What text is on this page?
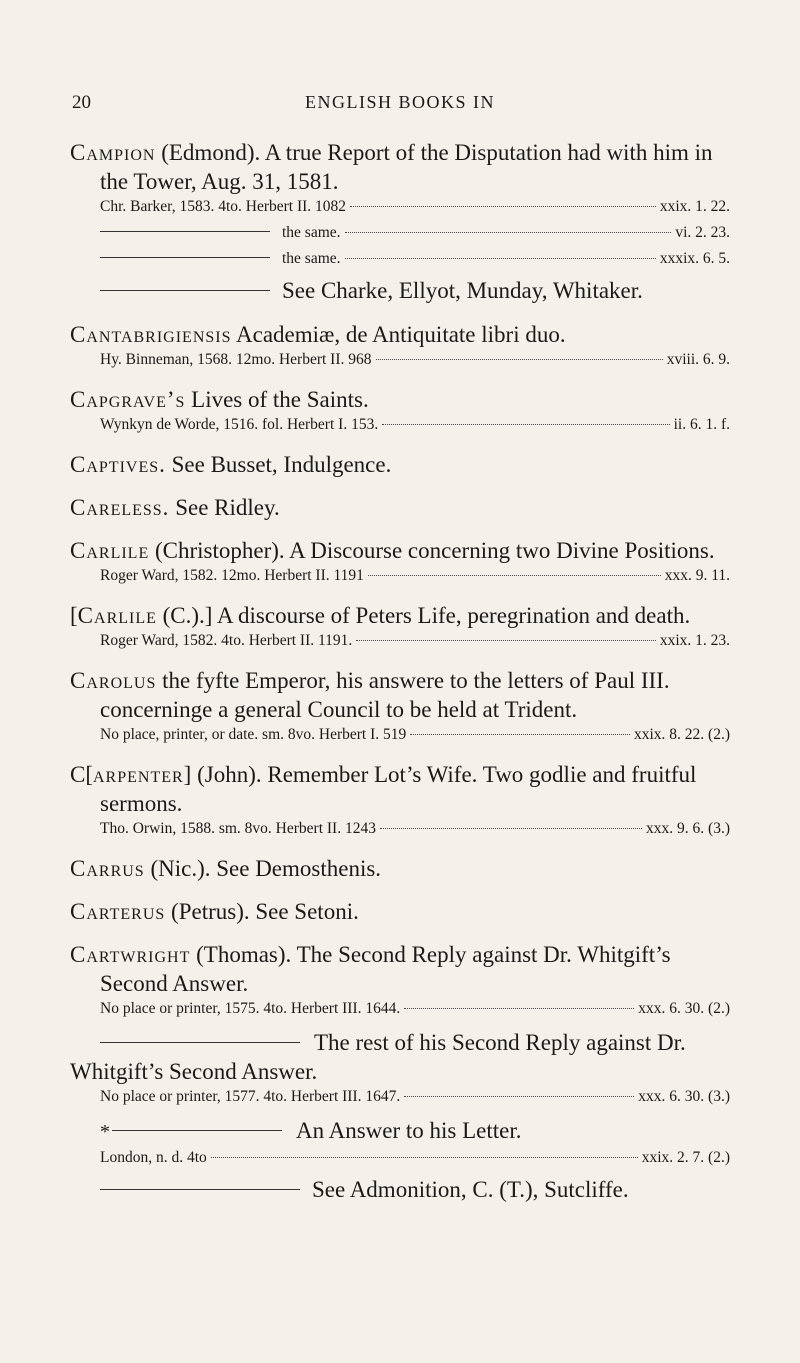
20	ENGLISH BOOKS IN
Campion (Edmond). A true Report of the Disputation had with him in the Tower, Aug. 31, 1581.
Chr. Barker, 1583. 4to. Herbert II. 1082	xxix. 1. 22.
the same.	vi. 2. 23.
the same.	xxxix. 6. 5.
See Charke, Ellyot, Munday, Whitaker.
Cantabrigiensis Academiæ, de Antiquitate libri duo.
Hy. Binneman, 1568. 12mo. Herbert II. 968	xviii. 6. 9.
Capgrave’s Lives of the Saints.
Wynkyn de Worde, 1516. fol. Herbert I. 153.	ii. 6. 1. f.
Captives. See Busset, Indulgence.
Careless. See Ridley.
Carlile (Christopher). A Discourse concerning two Divine Positions.
Roger Ward, 1582. 12mo. Herbert II. 1191	xxx. 9. 11.
[Carlile (C.).] A discourse of Peters Life, peregrination and death.
Roger Ward, 1582. 4to. Herbert II. 1191.	xxix. 1. 23.
Carolus the fyfte Emperor, his answere to the letters of Paul III. concerninge a general Council to be held at Trident.
No place, printer, or date. sm. 8vo. Herbert I. 519	xxix. 8. 22. (2.)
C[arpenter] (John). Remember Lot’s Wife. Two godlie and fruitful sermons.
Tho. Orwin, 1588. sm. 8vo. Herbert II. 1243	xxx. 9. 6. (3.)
Carrus (Nic.). See Demosthenis.
Carterus (Petrus). See Setoni.
Cartwright (Thomas). The Second Reply against Dr. Whitgift’s Second Answer.
No place or printer, 1575. 4to. Herbert III. 1644.	xxx. 6. 30. (2.)
The rest of his Second Reply against Dr. Whitgift’s Second Answer.
No place or printer, 1577. 4to. Herbert III. 1647.	xxx. 6. 30. (3.)
*	An Answer to his Letter.
London, n. d. 4to	xxix. 2. 7. (2.)
See Admonition, C. (T.), Sutcliffe.
